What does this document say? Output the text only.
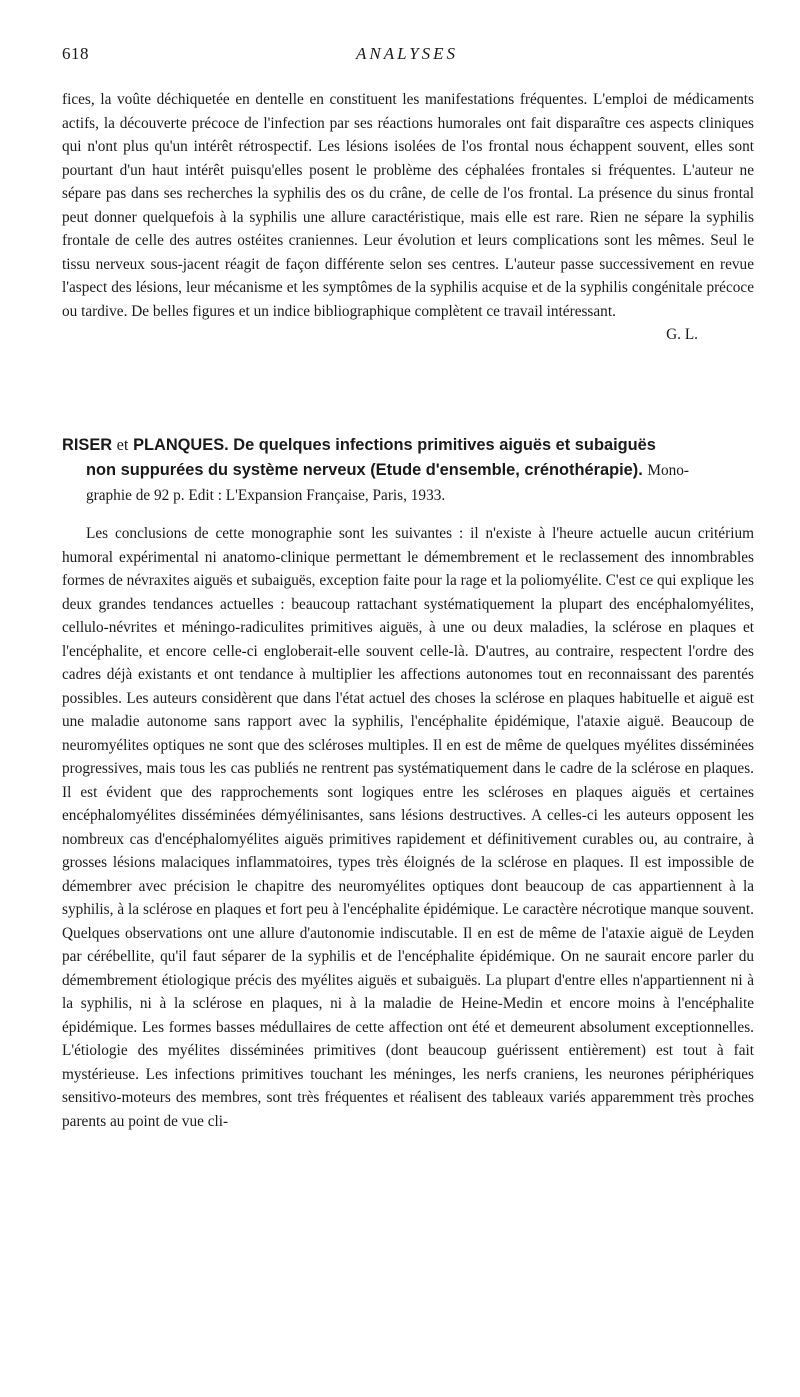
618	ANALYSES

fices, la voûte déchiquetée en dentelle en constituent les manifestations fréquentes. L'emploi de médicaments actifs, la découverte précoce de l'infection par ses réactions humorales ont fait disparaître ces aspects cliniques qui n'ont plus qu'un intérêt rétrospectif. Les lésions isolées de l'os frontal nous échappent souvent, elles sont pourtant d'un haut intérêt puisqu'elles posent le problème des céphalées frontales si fréquentes. L'auteur ne sépare pas dans ses recherches la syphilis des os du crâne, de celle de l'os frontal. La présence du sinus frontal peut donner quelquefois à la syphilis une allure caractéristique, mais elle est rare. Rien ne sépare la syphilis frontale de celle des autres ostéites craniennes. Leur évolution et leurs complications sont les mêmes. Seul le tissu nerveux sous-jacent réagit de façon différente selon ses centres. L'auteur passe successivement en revue l'aspect des lésions, leur mécanisme et les symptômes de la syphilis acquise et de la syphilis congénitale précoce ou tardive. De belles figures et un indice bibliographique complètent ce travail intéressant.

G. L.

RISER et PLANQUES. De quelques infections primitives aiguës et subaiguës
non suppurées du système nerveux (Etude d'ensemble, crénothérapie). Mono-
graphie de 92 p. Edit : L'Expansion Française, Paris, 1933.

Les conclusions de cette monographie sont les suivantes : il n'existe à l'heure actuelle aucun critérium humoral expérimental ni anatomo-clinique permettant le démembrement et le reclassement des innombrables formes de névraxites aiguës et subaiguës, exception faite pour la rage et la poliomyélite. C'est ce qui explique les deux grandes tendances actuelles : beaucoup rattachant systématiquement la plupart des encéphalomyélites, cellulo-névrites et méningo-radiculites primitives aiguës, à une ou deux maladies, la sclérose en plaques et l'encéphalite, et encore celle-ci engloberait-elle souvent celle-là. D'autres, au contraire, respectent l'ordre des cadres déjà existants et ont tendance à multiplier les affections autonomes tout en reconnaissant des parentés possibles. Les auteurs considèrent que dans l'état actuel des choses la sclérose en plaques habituelle et aiguë est une maladie autonome sans rapport avec la syphilis, l'encéphalite épidémique, l'ataxie aiguë. Beaucoup de neuromyélites optiques ne sont que des scléroses multiples. Il en est de même de quelques myélites disséminées progressives, mais tous les cas publiés ne rentrent pas systématiquement dans le cadre de la sclérose en plaques. Il est évident que des rapprochements sont logiques entre les scléroses en plaques aiguës et certaines encéphalomyélites disséminées démyélinisantes, sans lésions destructives. A celles-ci les auteurs opposent les nombreux cas d'encéphalomyélites aiguës primitives rapidement et définitivement curables ou, au contraire, à grosses lésions malaciques inflammatoires, types très éloignés de la sclérose en plaques. Il est impossible de démembrer avec précision le chapitre des neuromyélites optiques dont beaucoup de cas appartiennent à la syphilis, à la sclérose en plaques et fort peu à l'encéphalite épidémique. Le caractère nécrotique manque souvent. Quelques observations ont une allure d'autonomie indiscutable. Il en est de même de l'ataxie aiguë de Leyden par cérébellite, qu'il faut séparer de la syphilis et de l'encéphalite épidémique. On ne saurait encore parler du démembrement étiologique précis des myélites aiguës et subaiguës. La plupart d'entre elles n'appartiennent ni à la syphilis, ni à la sclérose en plaques, ni à la maladie de Heine-Medin et encore moins à l'encéphalite épidémique. Les formes basses médullaires de cette affection ont été et demeurent absolument exceptionnelles. L'étiologie des myélites disséminées primitives (dont beaucoup guérissent entièrement) est tout à fait mystérieuse. Les infections primitives touchant les méninges, les nerfs craniens, les neurones périphériques sensitivo-moteurs des membres, sont très fréquentes et réalisent des tableaux variés apparemment très proches parents au point de vue cli-
